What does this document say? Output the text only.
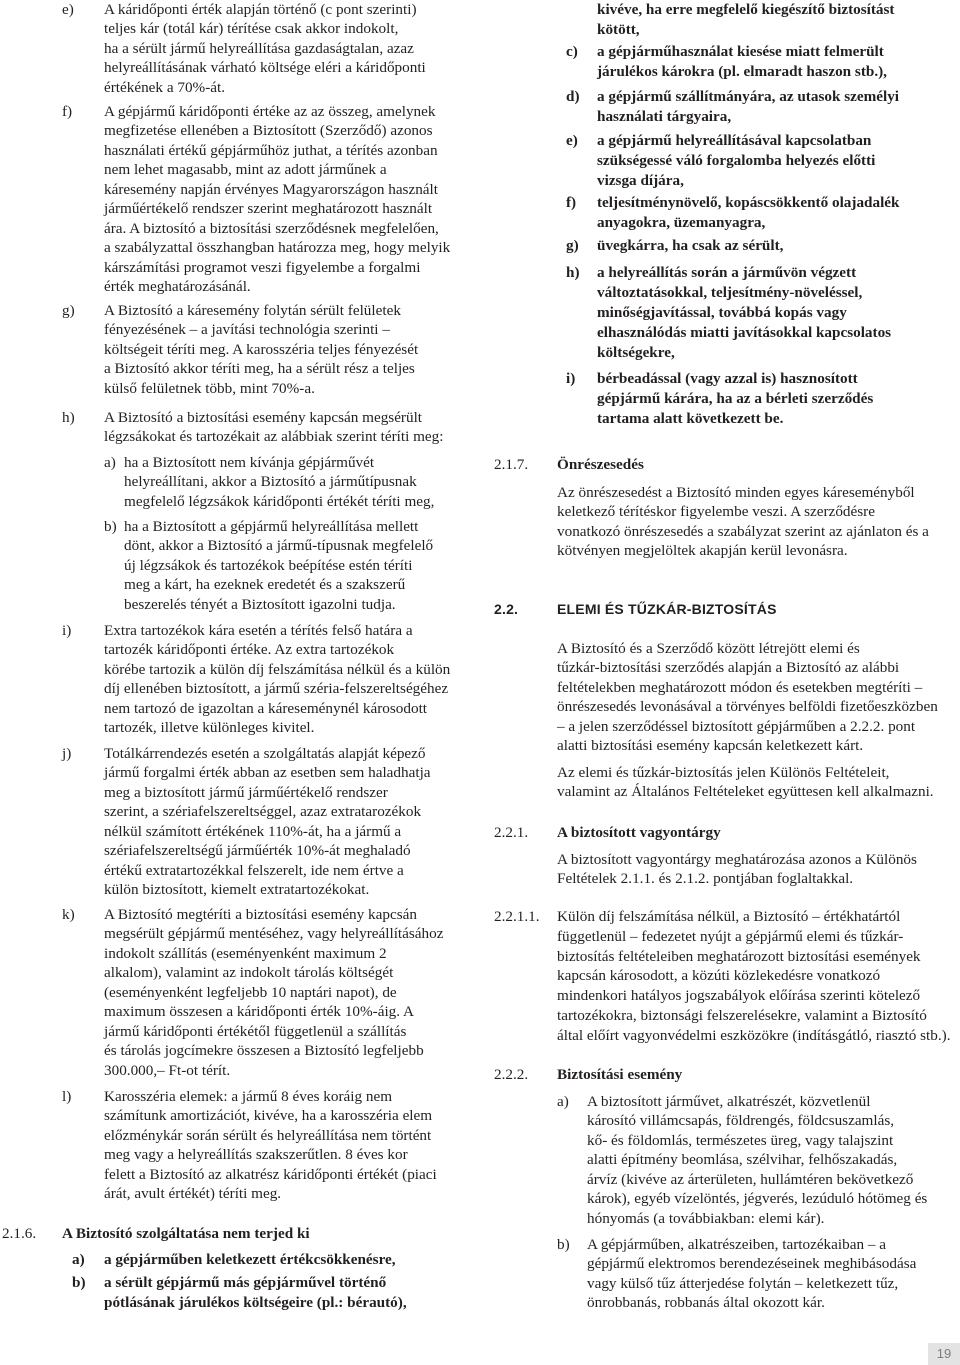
e) A káridőponti érték alapján történő (c pont szerinti)
teljes kár (totál kár) térítése csak akkor indokolt,
ha a sérült jármű helyreállítása gazdaságtalan, azaz
helyreállításának várható költsége eléri a káridőponti
értékének a 70%-át.
f) A gépjármű káridőponti értéke az az összeg, amelynek
megfizetése ellenében a Biztosított (Szerződő) azonos
használati értékű gépjárműhöz juthat, a térítés azonban
nem lehet magasabb, mint az adott járműnek a
káresemény napján érvényes Magyarországon használt
járműértékelő rendszer szerint meghatározott használt
ára. A biztosító a biztosítási szerződésnek megfelelően,
a szabályzattal összhangban határozza meg, hogy melyik
kárszámítási programot veszi figyelembe a forgalmi
érték meghatározásánál.
g) A Biztosító a káresemény folytán sérült felületek
fényezésének – a javítási technológia szerinti –
költségeit téríti meg. A karosszéria teljes fényezését
a Biztosító akkor téríti meg, ha a sérült rész a teljes
külső felületnek több, mint 70%-a.
h) A Biztosító a biztosítási esemény kapcsán megsérült
légzsákokat és tartozékait az alábbiak szerint téríti meg:
a) ha a Biztosított nem kívánja gépjárművét
helyreállítani, akkor a Biztosító a járműtípusnak
megfelelő légzsákok káridőponti értékét téríti meg,
b) ha a Biztosított a gépjármű helyreállítása mellett
dönt, akkor a Biztosító a jármű-típusnak megfelelő
új légzsákok és tartozékok beépítése estén téríti
meg a kárt, ha ezeknek eredetét és a szakszerű
beszerelés tényét a Biztosított igazolni tudja.
i) Extra tartozékok kára esetén a térítés felső határa a
tartozék káridőponti értéke. Az extra tartozékok
körébe tartozik a külön díj felszámítása nélkül és a külön
díj ellenében biztosított, a jármű széria-felszereltségéhez
nem tartozó de igazoltan a káreseménynél károsodott
tartozék, illetve különleges kivitel.
j) Totálkárrendezés esetén a szolgáltatás alapját képező
jármű forgalmi érték abban az esetben sem haladhatja
meg a biztosított jármű járműértékelő rendszer
szerint, a szériafelszereltséggel, azaz extratarozékok
nélkül számított értékének 110%-át, ha a jármű a
szériafelszereltségű járműérték 10%-át meghaladó
értékű extratartozékkal felszerelt, ide nem értve a
külön biztosított, kiemelt extratartozékokat.
k) A Biztosító megtéríti a biztosítási esemény kapcsán
megsérült gépjármű mentéséhez, vagy helyreállításához
indokolt szállítás (eseményenként maximum 2
alkalom), valamint az indokolt tárolás költségét
(eseményenként legfeljebb 10 naptári napot), de
maximum összesen a káridőponti érték 10%-áig. A
jármű káridőponti értékétől függetlenül a szállítás
és tárolás jogcímekre összesen a Biztosító legfeljebb
300.000,– Ft-ot térít.
l) Karosszéria elemek: a jármű 8 éves koráig nem
számítunk amortizációt, kivéve, ha a karosszéria elem
előzménykár során sérült és helyreállítása nem történt
meg vagy a helyreállítás szakszerűtlen. 8 éves kor
felett a Biztosító az alkatrész káridőponti értékét (piaci
árát, avult értékét) téríti meg.
2.1.6. A Biztosító szolgáltatása nem terjed ki
a) a gépjárműben keletkezett értékcsökkenésre,
b) a sérült gépjármű más gépjárművel történő
pótlásának járulékos költségeire (pl.: bérautó),
kivéve, ha erre megfelelő kiegészítő biztosítást
kötött,
c) a gépjárműhasználat kiesése miatt felmerült
járulékos károkra (pl. elmaradt haszon stb.),
d) a gépjármű szállítmányára, az utasok személyi
használati tárgyaira,
e) a gépjármű helyreállításával kapcsolatban
szükségessé váló forgalomba helyezés előtti
vizsga díjára,
f) teljesítménynövelő, kopáscsökkentő olajadalék
anyagokra, üzemanyagra,
g) üvegkárra, ha csak az sérült,
h) a helyreállítás során a járművön végzett
változtatásokkal, teljesítmény-növeléssel,
minőségjavítással, továbbá kopás vagy
elhasználódás miatti javításokkal kapcsolatos
költségekre,
i) bérbeadással (vagy azzal is) hasznosított
gépjármű kárára, ha az a bérleti szerződés
tartama alatt következett be.
2.1.7. Önrészesedés
Az önrészesedést a Biztosító minden egyes káreseményből
keletkező térítéskor figyelembe veszi. A szerződésre
vonatkozó önrészesedés a szabályzat szerint az ajánlaton és a
kötvényen megjelöltek akapján kerül levonásra.
2.2.	ELEMI ÉS TŰZKÁR-BIZTOSÍTÁS
A Biztosító és a Szerződő között létrejött elemi és
tűzkár-biztosítási szerződés alapján a Biztosító az alábbi
feltételekben meghatározott módon és esetekben megtéríti –
önrészesedés levonásával a törvényes belföldi fizetőeszközben
– a jelen szerződéssel biztosított gépjárműben a 2.2.2. pont
alatti biztosítási esemény kapcsán keletkezett kárt.
Az elemi és tűzkár-biztosítás jelen Különös Feltételeit,
valamint az Általános Feltételeket együttesen kell alkalmazni.
2.2.1. A biztosított vagyontárgy
A biztosított vagyontárgy meghatározása azonos a Különös
Feltételek 2.1.1. és 2.1.2. pontjában foglaltakkal.
2.2.1.1. Külön díj felszámítása nélkül, a Biztosító – értékhatártól
függetlenül – fedezetet nyújt a gépjármű elemi és tűzkár-
biztosítás feltételeiben meghatározott biztosítási események
kapcsán károsodott, a közúti közlekedésre vonatkozó
mindenkori hatályos jogszabályok előírása szerinti kötelező
tartozékokra, biztonsági felszerelésekre, valamint a Biztosító
által előírt vagyonvédelmi eszközökre (indításgátló, riasztó stb.).
2.2.2. Biztosítási esemény
a) A biztosított járművet, alkatrészét, közvetlenül
károsító villámcsapás, földrengés, földcsuszamlás,
kő- és földomlás, természetes üreg, vagy talajszint
alatti építmény beomlása, szélvihar, felhőszakadás,
árvíz (kivéve az árterületen, hullámtéren bekövetkező
károk), egyéb vízelöntés, jégverés, lezúduló hótömeg és
hónyomás (a továbbiakban: elemi kár).
b) A gépjárműben, alkatrészeiben, tartozékaiban – a
gépjármű elektromos berendezéseinek meghibásodása
vagy külső tűz átterjedése folytán – keletkezett tűz,
önrobbanás, robbanás által okozott kár.
19
